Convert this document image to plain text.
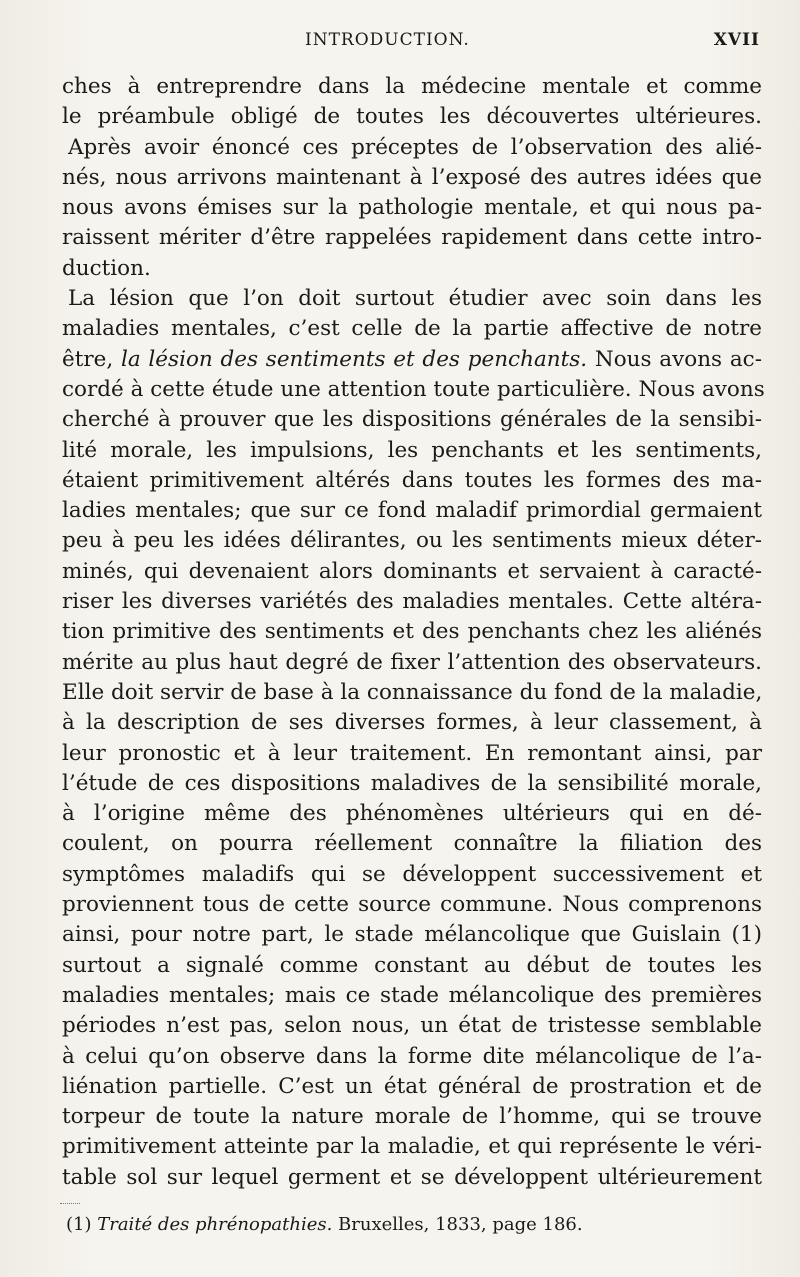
INTRODUCTION.	XVII
ches à entreprendre dans la médecine mentale et comme
le préambule obligé de toutes les découvertes ultérieures.
Après avoir énoncé ces préceptes de l’observation des alié-
nés, nous arrivons maintenant à l’exposé des autres idées que
nous avons émises sur la pathologie mentale, et qui nous pa-
raissent mériter d’être rappelées rapidement dans cette intro-
duction.
La lésion que l’on doit surtout étudier avec soin dans les
maladies mentales, c’est celle de la partie affective de notre
être, la lésion des sentiments et des penchants. Nous avons ac-
cordé à cette étude une attention toute particulière. Nous avons
cherché à prouver que les dispositions générales de la sensibi-
lité morale, les impulsions, les penchants et les sentiments,
étaient primitivement altérés dans toutes les formes des ma-
ladies mentales; que sur ce fond maladif primordial germaient
peu à peu les idées délirantes, ou les sentiments mieux déter-
minés, qui devenaient alors dominants et servaient à caracté-
riser les diverses variétés des maladies mentales. Cette altéra-
tion primitive des sentiments et des penchants chez les aliénés
mérite au plus haut degré de fixer l’attention des observateurs.
Elle doit servir de base à la connaissance du fond de la maladie,
à la description de ses diverses formes, à leur classement, à
leur pronostic et à leur traitement. En remontant ainsi, par
l’étude de ces dispositions maladives de la sensibilité morale,
à l’origine même des phénomènes ultérieurs qui en dé-
coulent, on pourra réellement connaître la filiation des
symptômes maladifs qui se développent successivement et
proviennent tous de cette source commune. Nous comprenons
ainsi, pour notre part, le stade mélancolique que Guislain (1)
surtout a signalé comme constant au début de toutes les
maladies mentales; mais ce stade mélancolique des premières
périodes n’est pas, selon nous, un état de tristesse semblable
à celui qu’on observe dans la forme dite mélancolique de l’a-
liénation partielle. C’est un état général de prostration et de
torpeur de toute la nature morale de l’homme, qui se trouve
primitivement atteinte par la maladie, et qui représente le véri-
table sol sur lequel germent et se développent ultérieurement
(1) Traité des phrénopathies. Bruxelles, 1833, page 186.
